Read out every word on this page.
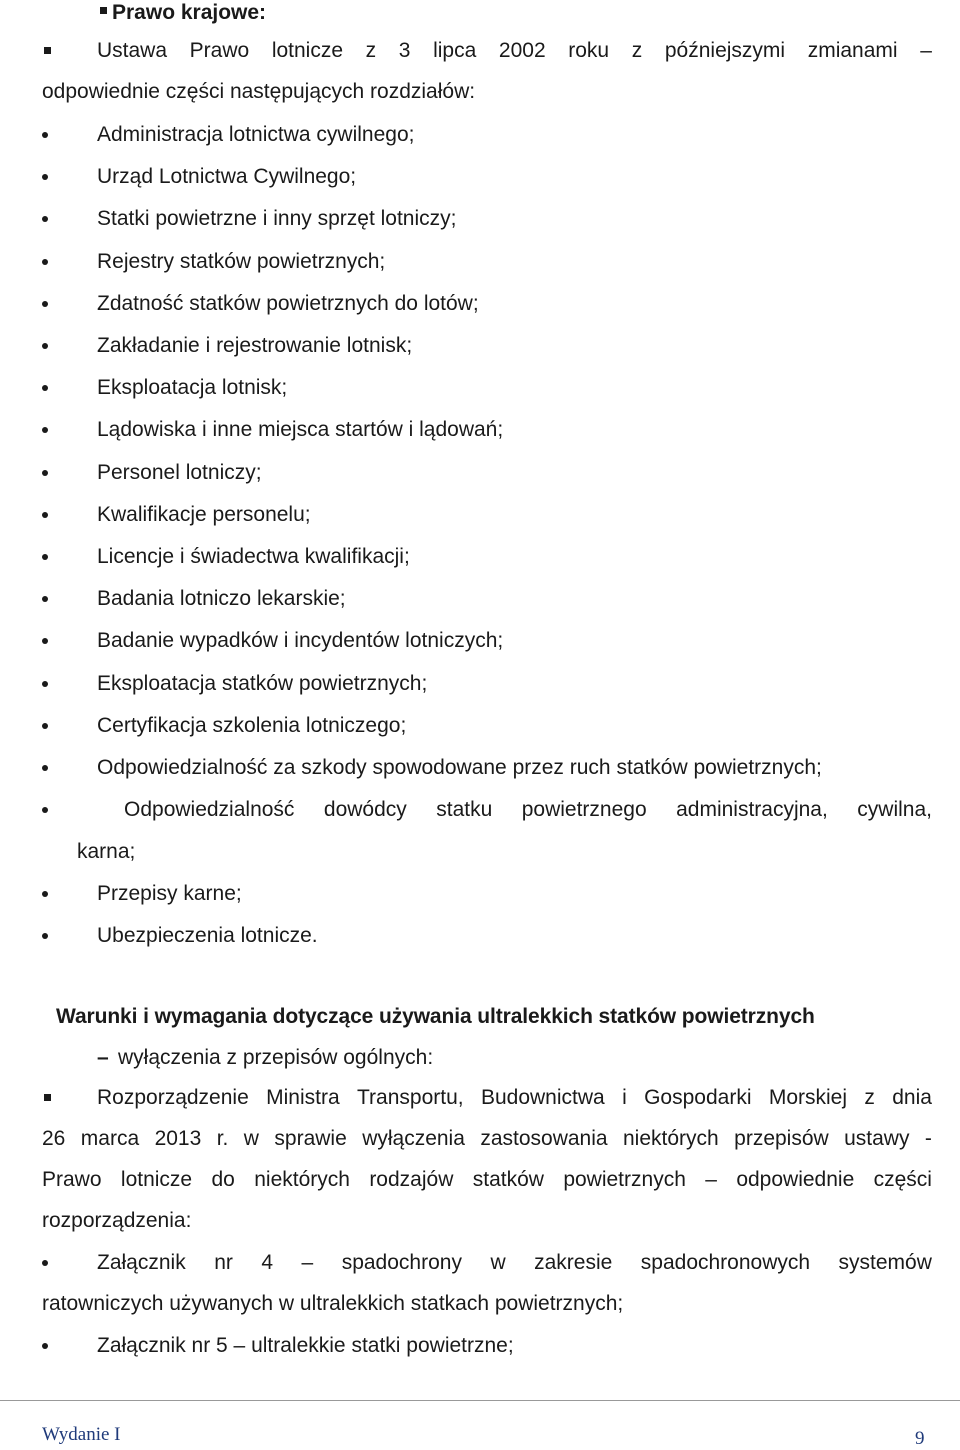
Prawo krajowe:
Ustawa Prawo lotnicze z 3 lipca 2002 roku z późniejszymi zmianami –
odpowiednie części następujących rozdziałów:
Administracja lotnictwa cywilnego;
Urząd Lotnictwa Cywilnego;
Statki powietrzne i inny sprzęt lotniczy;
Rejestry statków powietrznych;
Zdatność statków powietrznych do lotów;
Zakładanie i rejestrowanie lotnisk;
Eksploatacja lotnisk;
Lądowiska i inne miejsca startów i lądowań;
Personel lotniczy;
Kwalifikacje personelu;
Licencje i świadectwa kwalifikacji;
Badania lotniczo lekarskie;
Badanie wypadków i incydentów lotniczych;
Eksploatacja statków powietrznych;
Certyfikacja szkolenia lotniczego;
Odpowiedzialność za szkody spowodowane przez ruch statków powietrznych;
Odpowiedzialność dowódcy statku powietrznego administracyjna, cywilna,
karna;
Przepisy karne;
Ubezpieczenia lotnicze.
Warunki i wymagania dotyczące używania ultralekkich statków powietrznych
– wyłączenia z przepisów ogólnych:
Rozporządzenie Ministra Transportu, Budownictwa i Gospodarki Morskiej z dnia
26 marca 2013 r. w sprawie wyłączenia zastosowania niektórych przepisów ustawy -
Prawo lotnicze do niektórych rodzajów statków powietrznych – odpowiednie części
rozporządzenia:
Załącznik nr 4 – spadochrony w zakresie spadochronowych systemów
ratowniczych używanych w ultralekkich statkach powietrznych;
Załącznik nr 5 – ultralekkie statki powietrzne;
Wydanie I	9
